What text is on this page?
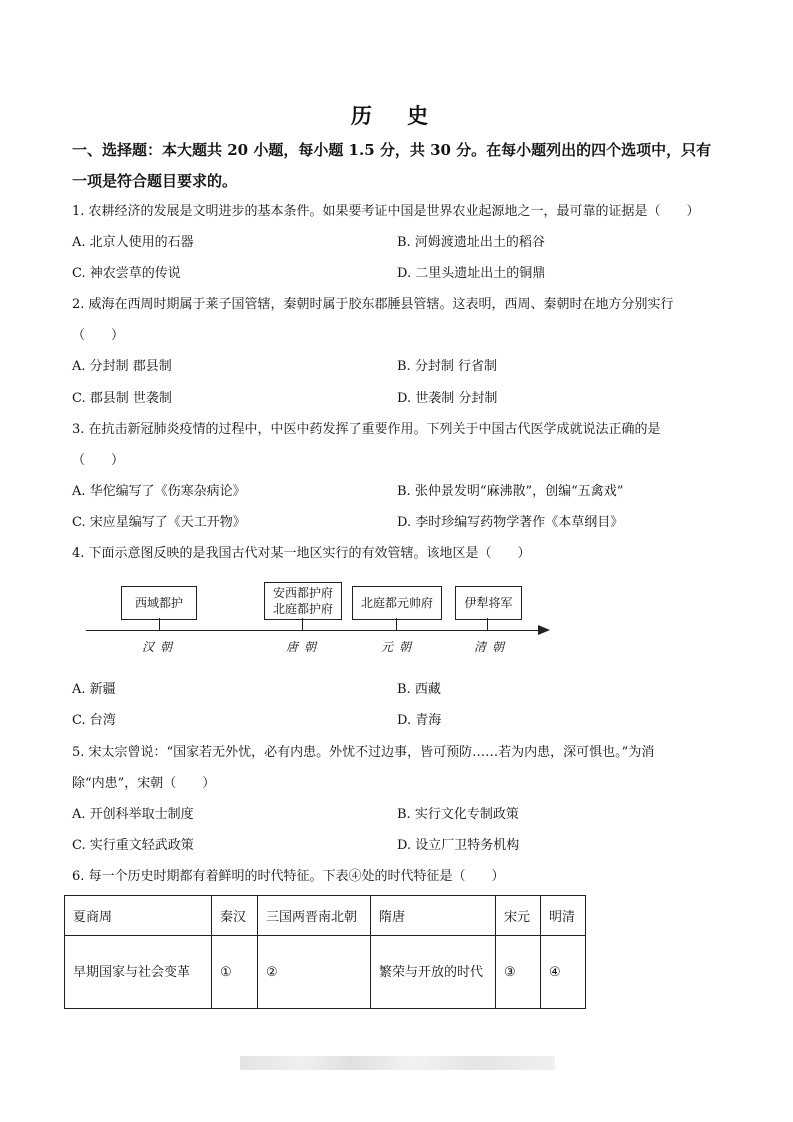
历 史
一、选择题：本大题共 20 小题，每小题 1.5 分，共 30 分。在每小题列出的四个选项中，只有
一项是符合题目要求的。
1. 农耕经济的发展是文明进步的基本条件。如果要考证中国是世界农业起源地之一，最可靠的证据是（　　）
A. 北京人使用的石器	B. 河姆渡遗址出土的稻谷
C. 神农尝草的传说	D. 二里头遗址出土的铜鼎
2. 威海在西周时期属于莱子国管辖，秦朝时属于胶东郡腄县管辖。这表明，西周、秦朝时在地方分别实行
（　　）
A. 分封制 郡县制	B. 分封制 行省制
C. 郡县制 世袭制	D. 世袭制 分封制
3. 在抗击新冠肺炎疫情的过程中，中医中药发挥了重要作用。下列关于中国古代医学成就说法正确的是
（　　）
A. 华佗编写了《伤寒杂病论》	B. 张仲景发明“麻沸散”，创编“五禽戏”
C. 宋应星编写了《天工开物》	D. 李时珍编写药物学著作《本草纲目》
4. 下面示意图反映的是我国古代对某一地区实行的有效管辖。该地区是（　　）
西域都护
安西都护府
北庭都护府 北庭都元帅府	伊犁将军
汉朝	唐朝	元朝	清朝
A. 新疆	B. 西藏
C. 台湾	D. 青海
5. 宋太宗曾说：“国家若无外忧，必有内患。外忧不过边事，皆可预防……若为内患，深可惧也。”为消
除“内患”，宋朝（　　）
A. 开创科举取士制度	B. 实行文化专制政策
C. 实行重文轻武政策	D. 设立厂卫特务机构
6. 每一个历史时期都有着鲜明的时代特征。下表④处的时代特征是（　　）
夏商周	秦汉	三国两晋南北朝	隋唐	宋元	明清
早期国家与社会变革	①	②	繁荣与开放的时代	③	④
